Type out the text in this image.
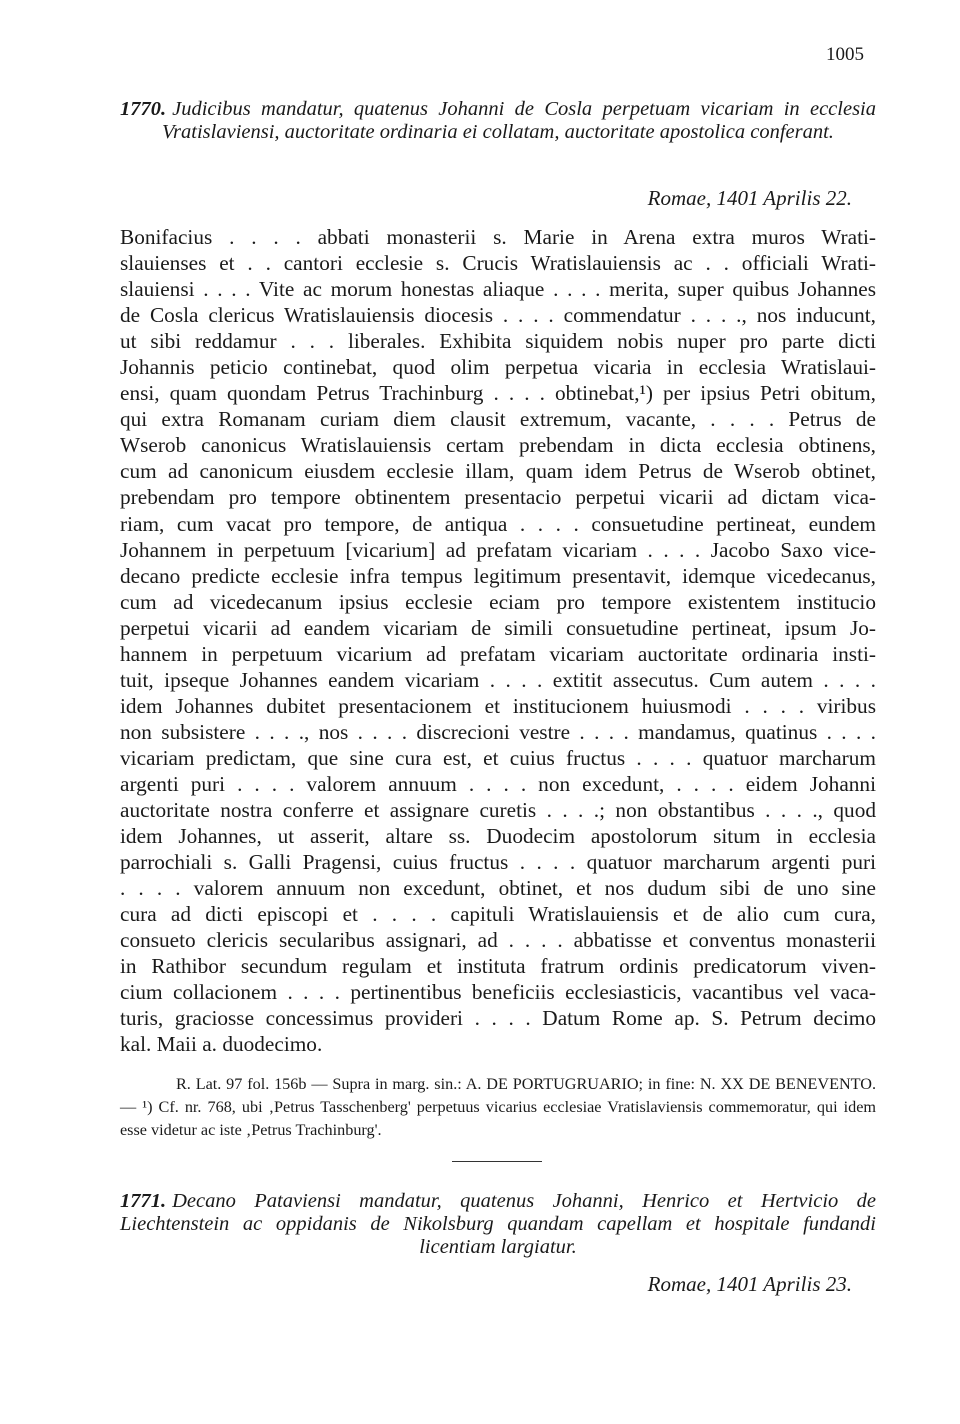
1005
1770. Judicibus mandatur, quatenus Johanni de Cosla perpetuam vicariam in ecclesia Vratislaviensi, auctoritate ordinaria ei collatam, auctoritate apostolica conferant.
Romae, 1401 Aprilis 22.
Bonifacius . . . . abbati monasterii s. Marie in Arena extra muros Wrati-
slauienses et . . cantori ecclesie s. Crucis Wratislauiensis ac . . officiali Wrati-
slauiensi . . . . Vite ac morum honestas aliaque . . . . merita, super quibus Johannes
de Cosla clericus Wratislauiensis diocesis . . . . commendatur . . . ., nos inducunt,
ut sibi reddamur . . . liberales. Exhibita siquidem nobis nuper pro parte dicti
Johannis peticio continebat, quod olim perpetua vicaria in ecclesia Wratislaui-
ensi, quam quondam Petrus Trachinburg . . . . obtinebat,¹) per ipsius Petri obitum,
qui extra Romanam curiam diem clausit extremum, vacante, . . . . Petrus de
Wserob canonicus Wratislauiensis certam prebendam in dicta ecclesia obtinens,
cum ad canonicum eiusdem ecclesie illam, quam idem Petrus de Wserob obtinet,
prebendam pro tempore obtinentem presentacio perpetui vicarii ad dictam vica-
riam, cum vacat pro tempore, de antiqua . . . . consuetudine pertineat, eundem
Johannem in perpetuum [vicarium] ad prefatam vicariam . . . . Jacobo Saxo vice-
decano predicte ecclesie infra tempus legitimum presentavit, idemque vicedecanus,
cum ad vicedecanum ipsius ecclesie eciam pro tempore existentem institucio
perpetui vicarii ad eandem vicariam de simili consuetudine pertineat, ipsum Jo-
hannem in perpetuum vicarium ad prefatam vicariam auctoritate ordinaria insti-
tuit, ipseque Johannes eandem vicariam . . . . extitit assecutus. Cum autem . . . .
idem Johannes dubitet presentacionem et institucionem huiusmodi . . . . viribus
non subsistere . . . ., nos . . . . discrecioni vestre . . . . mandamus, quatinus . . . .
vicariam predictam, que sine cura est, et cuius fructus . . . . quatuor marcharum
argenti puri . . . . valorem annuum . . . . non excedunt, . . . . eidem Johanni
auctoritate nostra conferre et assignare curetis . . . .; non obstantibus . . . ., quod
idem Johannes, ut asserit, altare ss. Duodecim apostolorum situm in ecclesia
parrochiali s. Galli Pragensi, cuius fructus . . . . quatuor marcharum argenti puri
. . . . valorem annuum non excedunt, obtinet, et nos dudum sibi de uno sine
cura ad dicti episcopi et . . . . capituli Wratislauiensis et de alio cum cura,
consueto clericis secularibus assignari, ad . . . . abbatisse et conventus monasterii
in Rathibor secundum regulam et instituta fratrum ordinis predicatorum viven-
cium collacionem . . . . pertinentibus beneficiis ecclesiasticis, vacantibus vel vaca-
turis, graciosse concessimus provideri . . . . Datum Rome ap. S. Petrum decimo
kal. Maii a. duodecimo.
R. Lat. 97 fol. 156b — Supra in marg. sin.: A. DE PORTUGRUARIO; in fine: N. XX DE BENEVENTO. — ¹) Cf. nr. 768, ubi ‚Petrus Tasschenberg' perpetuus vicarius ecclesiae Vratislaviensis commemoratur, qui idem esse videtur ac iste ‚Petrus Trachinburg'.
1771. Decano Pataviensi mandatur, quatenus Johanni, Henrico et Hertvicio de Liechtenstein ac oppidanis de Nikolsburg quandam capellam et hospitale fundandi licentiam largiatur.
Romae, 1401 Aprilis 23.
